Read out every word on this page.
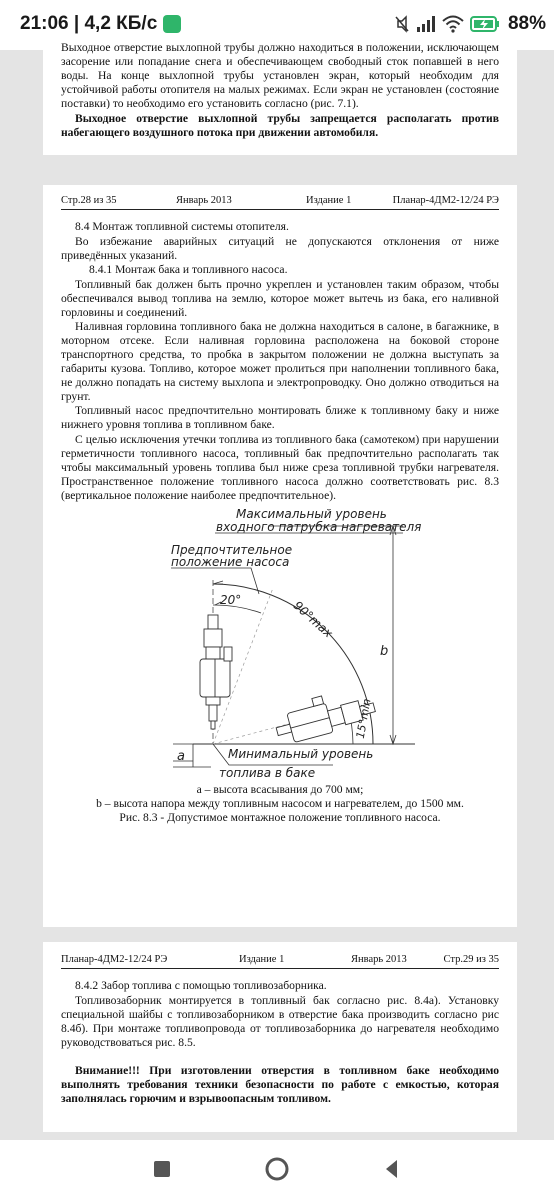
21:06 | 4,2 КБ/с	88%
Выходное отверстие выхлопной трубы должно находиться в положении, исключающем засорение или попадание снега и обеспечивающем свободный сток попавшей в него воды. На конце выхлопной трубы установлен экран, который необходим для устойчивой работы отопителя на малых режимах. Если экран не установлен (состояние поставки) то необходимо его установить согласно (рис. 7.1).
Выходное отверстие выхлопной трубы запрещается располагать против набегающего воздушного потока при движении автомобиля.
Стр.28 из 35	Январь 2013	Издание 1	Планар-4ДМ2-12/24 РЭ
8.4 Монтаж топливной системы отопителя.
Во избежание аварийных ситуаций не допускаются отклонения от ниже приведённых указаний.
8.4.1 Монтаж бака и топливного насоса.
Топливный бак должен быть прочно укреплен и установлен таким образом, чтобы обеспечивался вывод топлива на землю, которое может вытечь из бака, его наливной горловины и соединений.
Наливная горловина топливного бака не должна находиться в салоне, в багажнике, в моторном отсеке. Если наливная горловина расположена на боковой стороне транспортного средства, то пробка в закрытом положении не должна выступать за габариты кузова. Топливо, которое может пролиться при наполнении топливного бака, не должно попадать на систему выхлопа и электропроводку. Оно должно отводиться на грунт.
Топливный насос предпочтительно монтировать ближе к топливному баку и ниже нижнего уровня топлива в топливном баке.
С целью исключения утечки топлива из топливного бака (самотеком) при нарушении герметичности топливного насоса, топливный бак предпочтительно располагать так чтобы максимальный уровень топлива был ниже среза топливной трубки нагревателя. Пространственное положение топливного насоса должно соответствовать рис. 8.3 (вертикальное положение наиболее предпочтительное).
Максимальный уровень
входного патрубка нагревателя
Предпочтительное
положение насоса
20°	90°max
b
15°min
a	Минимальный уровень
топлива в баке
а – высота всасывания до 700 мм;
b – высота напора между топливным насосом и нагревателем, до 1500 мм.
Рис. 8.3 - Допустимое монтажное положение топливного насоса.
Планар-4ДМ2-12/24 РЭ	Издание 1	Январь 2013	Стр.29 из 35
8.4.2 Забор топлива с помощью топливозаборника.
Топливозаборник монтируется в топливный бак согласно рис. 8.4а). Установку специальной шайбы с топливозаборником в отверстие бака производить согласно рис 8.4б). При монтаже топливопровода от топливозаборника до нагревателя необходимо руководствоваться рис. 8.5.
Внимание!!! При изготовлении отверстия в топливном баке необходимо выполнять требования техники безопасности по работе с емкостью, которая заполнялась горючим и взрывоопасным топливом.
